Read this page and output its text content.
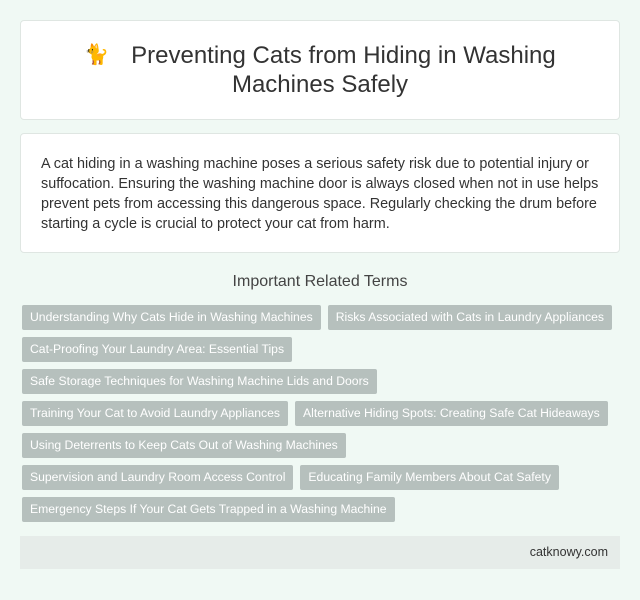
🐈 Preventing Cats from Hiding in Washing Machines Safely

A cat hiding in a washing machine poses a serious safety risk due to potential injury or suffocation. Ensuring the washing machine door is always closed when not in use helps prevent pets from accessing this dangerous space. Regularly checking the drum before starting a cycle is crucial to protect your cat from harm.

Important Related Terms
Understanding Why Cats Hide in Washing Machines	Risks Associated with Cats in Laundry Appliances
Cat-Proofing Your Laundry Area: Essential Tips
Safe Storage Techniques for Washing Machine Lids and Doors
Training Your Cat to Avoid Laundry Appliances	Alternative Hiding Spots: Creating Safe Cat Hideaways
Using Deterrents to Keep Cats Out of Washing Machines
Supervision and Laundry Room Access Control	Educating Family Members About Cat Safety
Emergency Steps If Your Cat Gets Trapped in a Washing Machine
catknowy.com
